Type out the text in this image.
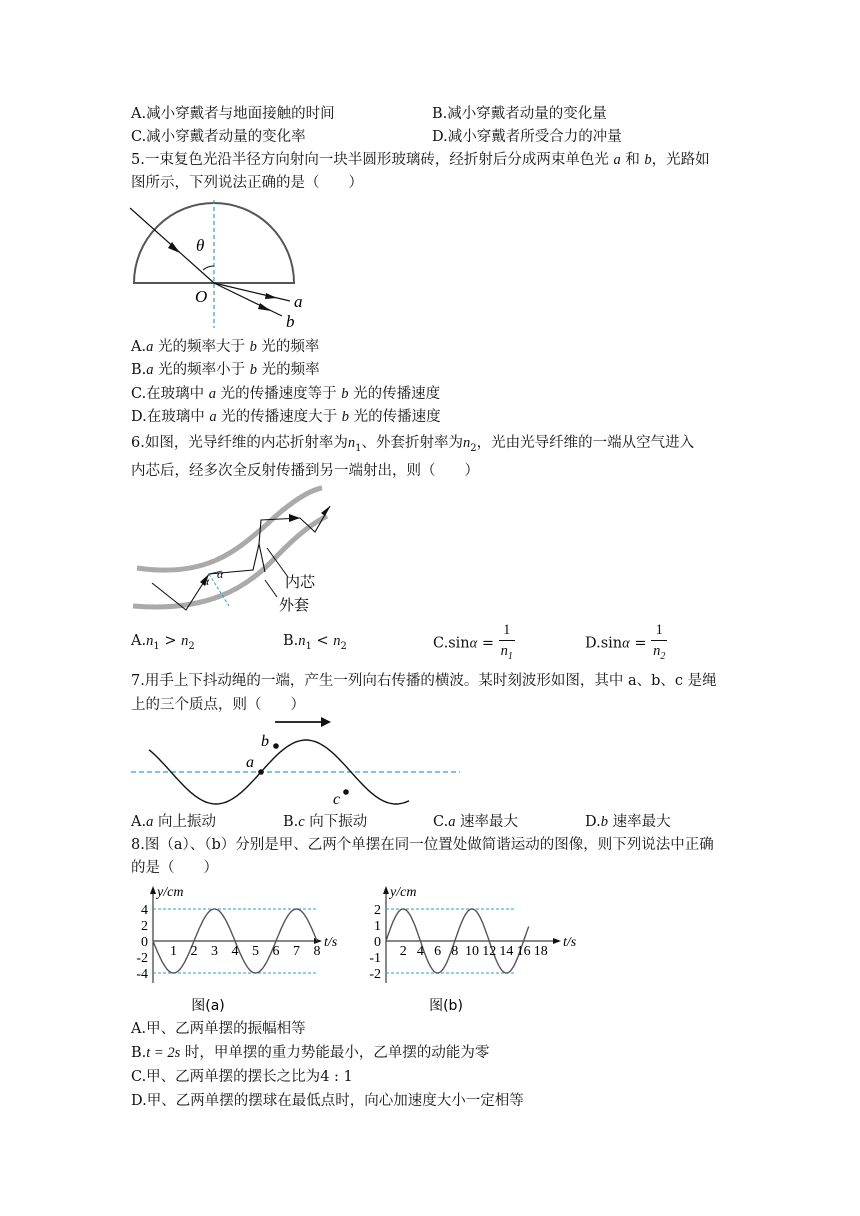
A.减小穿戴者与地面接触的时间	B.减小穿戴者动量的变化量
C.减小穿戴者动量的变化率	D.减小穿戴者所受合力的冲量
5.一束复色光沿半径方向射向一块半圆形玻璃砖，经折射后分成两束单色光 a 和 b，光路如
图所示，下列说法正确的是（　　）
θ
O	a
b
A.a 光的频率大于 b 光的频率
B.a 光的频率小于 b 光的频率
C.在玻璃中 a 光的传播速度等于 b 光的传播速度
D.在玻璃中 a 光的传播速度大于 b 光的传播速度
6.如图，光导纤维的内芯折射率为$n_1$、外套折射率为$n_2$，光由光导纤维的一端从空气进入
内芯后，经多次全反射传播到另一端射出，则（　　）
α
α	内芯
外套
$A.n_1 > n_2$	$B.n_1 < n_2$	$C.\sin\alpha = \frac{1}{n_1}$	$D.\sin\alpha = \frac{1}{n_2}$
7.用手上下抖动绳的一端，产生一列向右传播的横波。某时刻波形如图，其中 a、b、c 是绳
上的三个质点，则（　　）
a
b
c
A.a 向上振动	B.c 向下振动	C.a 速率最大	D.b 速率最大
8.图（a）、（b）分别是甲、乙两个单摆在同一位置处做简谐运动的图像，则下列说法中正确
的是（　　）
4
2
0
-2
-4
1 2 3 4 5 6 7 8
y/cm
t/s
图(a)
2
1
0
-1
-2
2 4 6 8 10 12 14 16 18
y/cm
t/s
图(b)
A.甲、乙两单摆的振幅相等
B.t = 2s 时，甲单摆的重力势能最小，乙单摆的动能为零
C.甲、乙两单摆的摆长之比为4 : 1
D.甲、乙两单摆的摆球在最低点时，向心加速度大小一定相等
